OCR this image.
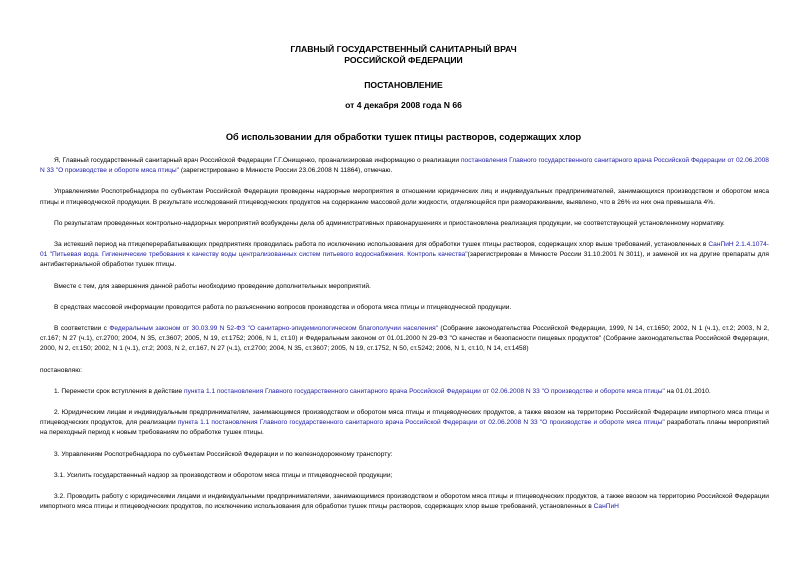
ГЛАВНЫЙ ГОСУДАРСТВЕННЫЙ САНИТАРНЫЙ ВРАЧ
РОССИЙСКОЙ ФЕДЕРАЦИИ
ПОСТАНОВЛЕНИЕ
от 4 декабря 2008 года N 66
Об использовании для обработки тушек птицы растворов, содержащих хлор

Я, Главный государственный санитарный врач Российской Федерации Г.Г.Онищенко, проанализировав информацию о реализации постановления Главного государственного санитарного врача Российской Федерации от 02.06.2008 N 33 "О производстве и обороте мяса птицы" (зарегистрировано в Минюсте России 23.06.2008 N 11864), отмечаю.

Управлениями Роспотребнадзора по субъектам Российской Федерации проведены надзорные мероприятия в отношении юридических лиц и индивидуальных предпринимателей, занимающихся производством и оборотом мяса птицы и птицеводческой продукции. В результате исследований птицеводческих продуктов на содержание массовой доли жидкости, отделяющейся при размораживании, выявлено, что в 26% из них она превышала 4%.

По результатам проведенных контрольно-надзорных мероприятий возбуждены дела об административных правонарушениях и приостановлена реализация продукции, не соответствующей установленному нормативу.

За истекший период на птицеперерабатывающих предприятиях проводилась работа по исключению использования для обработки тушек птицы растворов, содержащих хлор выше требований, установленных в СанПиН 2.1.4.1074-01 "Питьевая вода. Гигиенические требования к качеству воды централизованных систем питьевого водоснабжения. Контроль качества"(зарегистрирован в Минюсте России 31.10.2001 N 3011), и заменой их на другие препараты для антибактериальной обработки тушек птицы.

Вместе с тем, для завершения данной работы необходимо проведение дополнительных мероприятий.

В средствах массовой информации проводится работа по разъяснению вопросов производства и оборота мяса птицы и птицеводческой продукции.

В соответствии с Федеральным законом от 30.03.99 N 52-ФЗ "О санитарно-эпидемиологическом благополучии населения" (Собрание законодательства Российской Федерации, 1999, N 14, ст.1650; 2002, N 1 (ч.1), ст.2; 2003, N 2, ст.167; N 27 (ч.1), ст.2700; 2004, N 35, ст.3607; 2005, N 19, ст.1752; 2006, N 1, ст.10) и Федеральным законом от 01.01.2000 N 29-ФЗ "О качестве и безопасности пищевых продуктов" (Собрание законодательства Российской Федерации, 2000, N 2, ст.150; 2002, N 1 (ч.1), ст.2; 2003, N 2, ст.167, N 27 (ч.1), ст.2700; 2004, N 35, ст.3607; 2005, N 19, ст.1752, N 50, ст.5242; 2006, N 1, ст.10, N 14, ст.1458)

постановляю:

1. Перенести срок вступления в действие пункта 1.1 постановления Главного государственного санитарного врача Российской Федерации от 02.06.2008 N 33 "О производстве и обороте мяса птицы" на 01.01.2010.

2. Юридическим лицам и индивидуальным предпринимателям, занимающимся производством и оборотом мяса птицы и птицеводческих продуктов, а также ввозом на территорию Российской Федерации импортного мяса птицы и птицеводческих продуктов, для реализации пункта 1.1 постановления Главного государственного санитарного врача Российской Федерации от 02.06.2008 N 33 "О производстве и обороте мяса птицы" разработать планы мероприятий на переходный период к новым требованиям по обработке тушек птицы.

3. Управлениям Роспотребнадзора по субъектам Российской Федерации и по железнодорожному транспорту:

3.1. Усилить государственный надзор за производством и оборотом мяса птицы и птицеводческой продукции;

3.2. Проводить работу с юридическими лицами и индивидуальными предпринимателями, занимающимися производством и оборотом мяса птицы и птицеводческих продуктов, а также ввозом на территорию Российской Федерации импортного мяса птицы и птицеводческих продуктов, по исключению использования для обработки тушек птицы растворов, содержащих хлор выше требований, установленных в СанПиН
